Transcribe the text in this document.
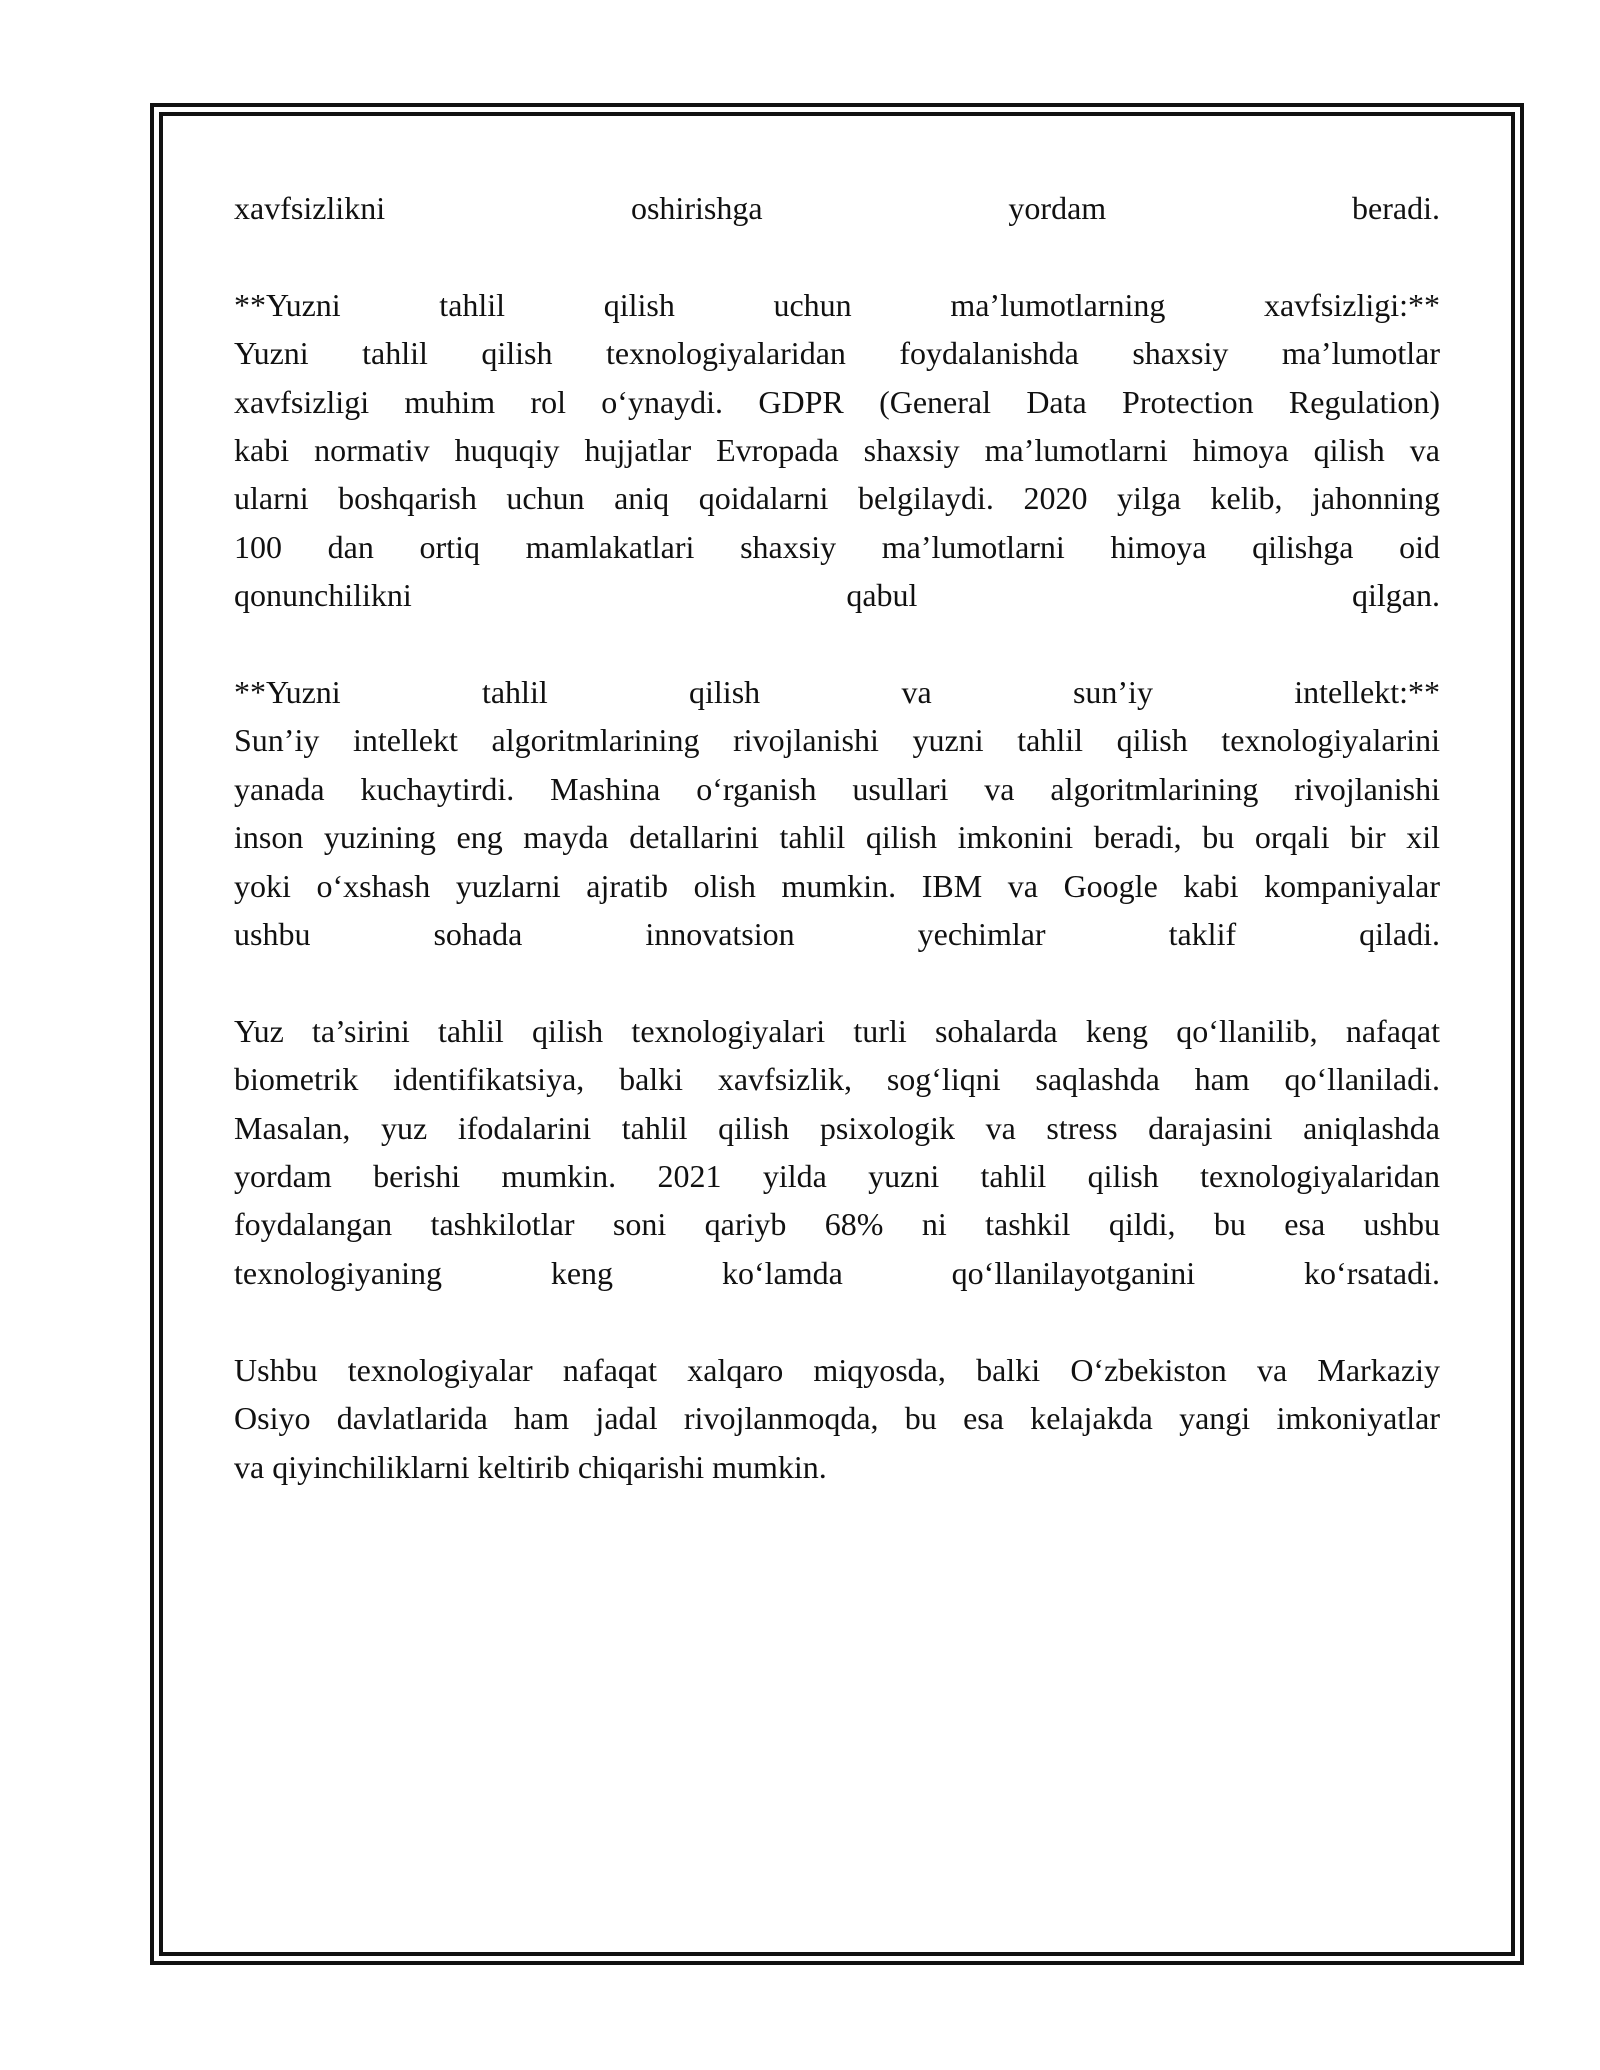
xavfsizlikni oshirishga yordam beradi.
**Yuzni tahlil qilish uchun ma’lumotlarning xavfsizligi:**
Yuzni tahlil qilish texnologiyalaridan foydalanishda shaxsiy ma’lumotlar
xavfsizligi muhim rol o‘ynaydi. GDPR (General Data Protection Regulation)
kabi normativ huquqiy hujjatlar Evropada shaxsiy ma’lumotlarni himoya qilish va
ularni boshqarish uchun aniq qoidalarni belgilaydi. 2020 yilga kelib, jahonning
100 dan ortiq mamlakatlari shaxsiy ma’lumotlarni himoya qilishga oid
qonunchilikni qabul qilgan.
**Yuzni tahlil qilish va sun’iy intellekt:**
Sun’iy intellekt algoritmlarining rivojlanishi yuzni tahlil qilish texnologiyalarini
yanada kuchaytirdi. Mashina o‘rganish usullari va algoritmlarining rivojlanishi
inson yuzining eng mayda detallarini tahlil qilish imkonini beradi, bu orqali bir xil
yoki o‘xshash yuzlarni ajratib olish mumkin. IBM va Google kabi kompaniyalar
ushbu sohada innovatsion yechimlar taklif qiladi.
Yuz ta’sirini tahlil qilish texnologiyalari turli sohalarda keng qo‘llanilib, nafaqat
biometrik identifikatsiya, balki xavfsizlik, sog‘liqni saqlashda ham qo‘llaniladi.
Masalan, yuz ifodalarini tahlil qilish psixologik va stress darajasini aniqlashda
yordam berishi mumkin. 2021 yilda yuzni tahlil qilish texnologiyalaridan
foydalangan tashkilotlar soni qariyb 68% ni tashkil qildi, bu esa ushbu
texnologiyaning keng ko‘lamda qo‘llanilayotganini ko‘rsatadi.
Ushbu texnologiyalar nafaqat xalqaro miqyosda, balki O‘zbekiston va Markaziy
Osiyo davlatlarida ham jadal rivojlanmoqda, bu esa kelajakda yangi imkoniyatlar
va qiyinchiliklarni keltirib chiqarishi mumkin.
